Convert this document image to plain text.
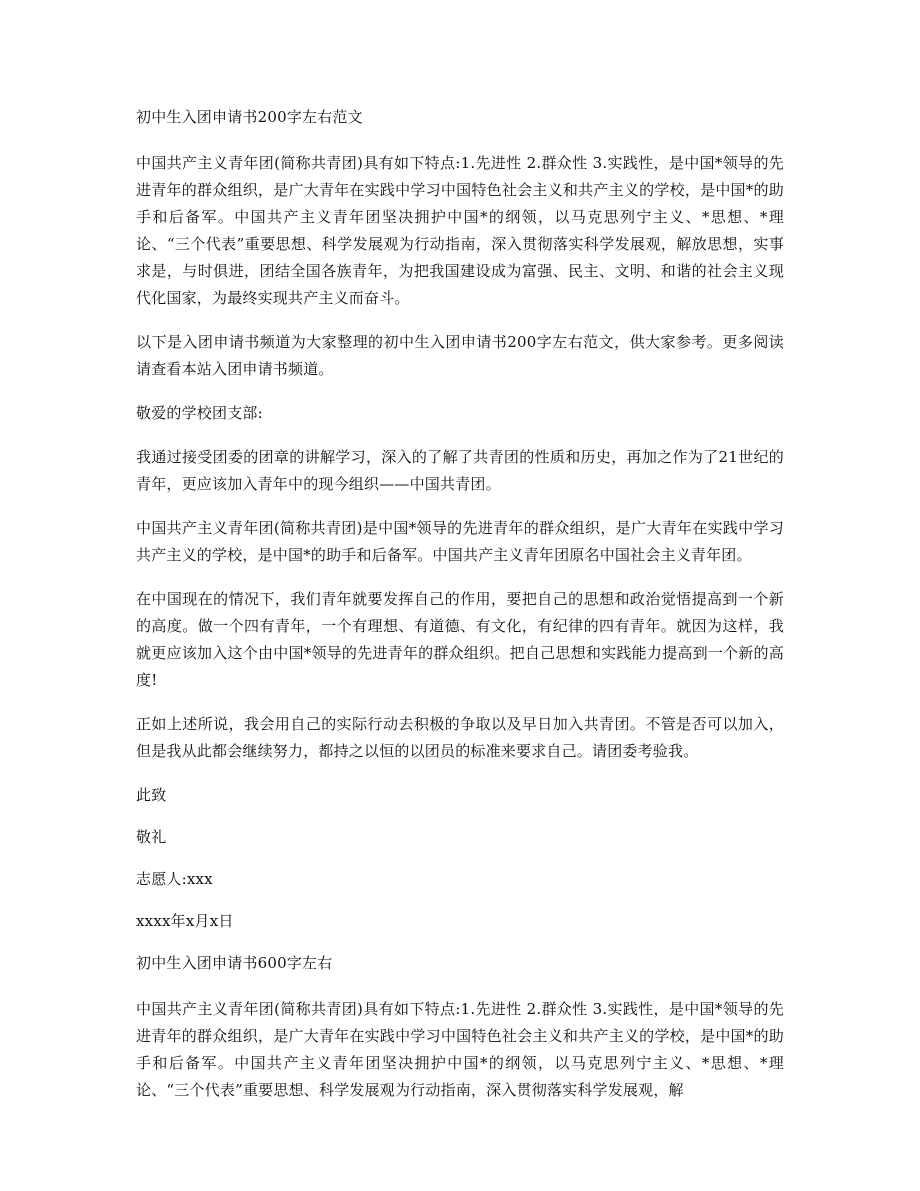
初中生入团申请书200字左右范文

中国共产主义青年团(简称共青团)具有如下特点:1.先进性 2.群众性 3.实践性，是中国*领导的先进青年的群众组织，是广大青年在实践中学习中国特色社会主义和共产主义的学校，是中国*的助手和后备军。中国共产主义青年团坚决拥护中国*的纲领，以马克思列宁主义、*思想、*理论、“三个代表”重要思想、科学发展观为行动指南，深入贯彻落实科学发展观，解放思想，实事求是，与时俱进，团结全国各族青年，为把我国建设成为富强、民主、文明、和谐的社会主义现代化国家，为最终实现共产主义而奋斗。

以下是入团申请书频道为大家整理的初中生入团申请书200字左右范文，供大家参考。更多阅读请查看本站入团申请书频道。

敬爱的学校团支部:

我通过接受团委的团章的讲解学习，深入的了解了共青团的性质和历史，再加之作为了21世纪的青年，更应该加入青年中的现今组织——中国共青团。

中国共产主义青年团(简称共青团)是中国*领导的先进青年的群众组织，是广大青年在实践中学习共产主义的学校，是中国*的助手和后备军。中国共产主义青年团原名中国社会主义青年团。

在中国现在的情况下，我们青年就要发挥自己的作用，要把自己的思想和政治觉悟提高到一个新的高度。做一个四有青年，一个有理想、有道德、有文化，有纪律的四有青年。就因为这样，我就更应该加入这个由中国*领导的先进青年的群众组织。把自己思想和实践能力提高到一个新的高度!

正如上述所说，我会用自己的实际行动去积极的争取以及早日加入共青团。不管是否可以加入，但是我从此都会继续努力，都持之以恒的以团员的标准来要求自己。请团委考验我。

此致

敬礼

志愿人:xxx

xxxx年x月x日

初中生入团申请书600字左右

中国共产主义青年团(简称共青团)具有如下特点:1.先进性 2.群众性 3.实践性，是中国*领导的先进青年的群众组织，是广大青年在实践中学习中国特色社会主义和共产主义的学校，是中国*的助手和后备军。中国共产主义青年团坚决拥护中国*的纲领，以马克思列宁主义、*思想、*理论、“三个代表”重要思想、科学发展观为行动指南，深入贯彻落实科学发展观，解
